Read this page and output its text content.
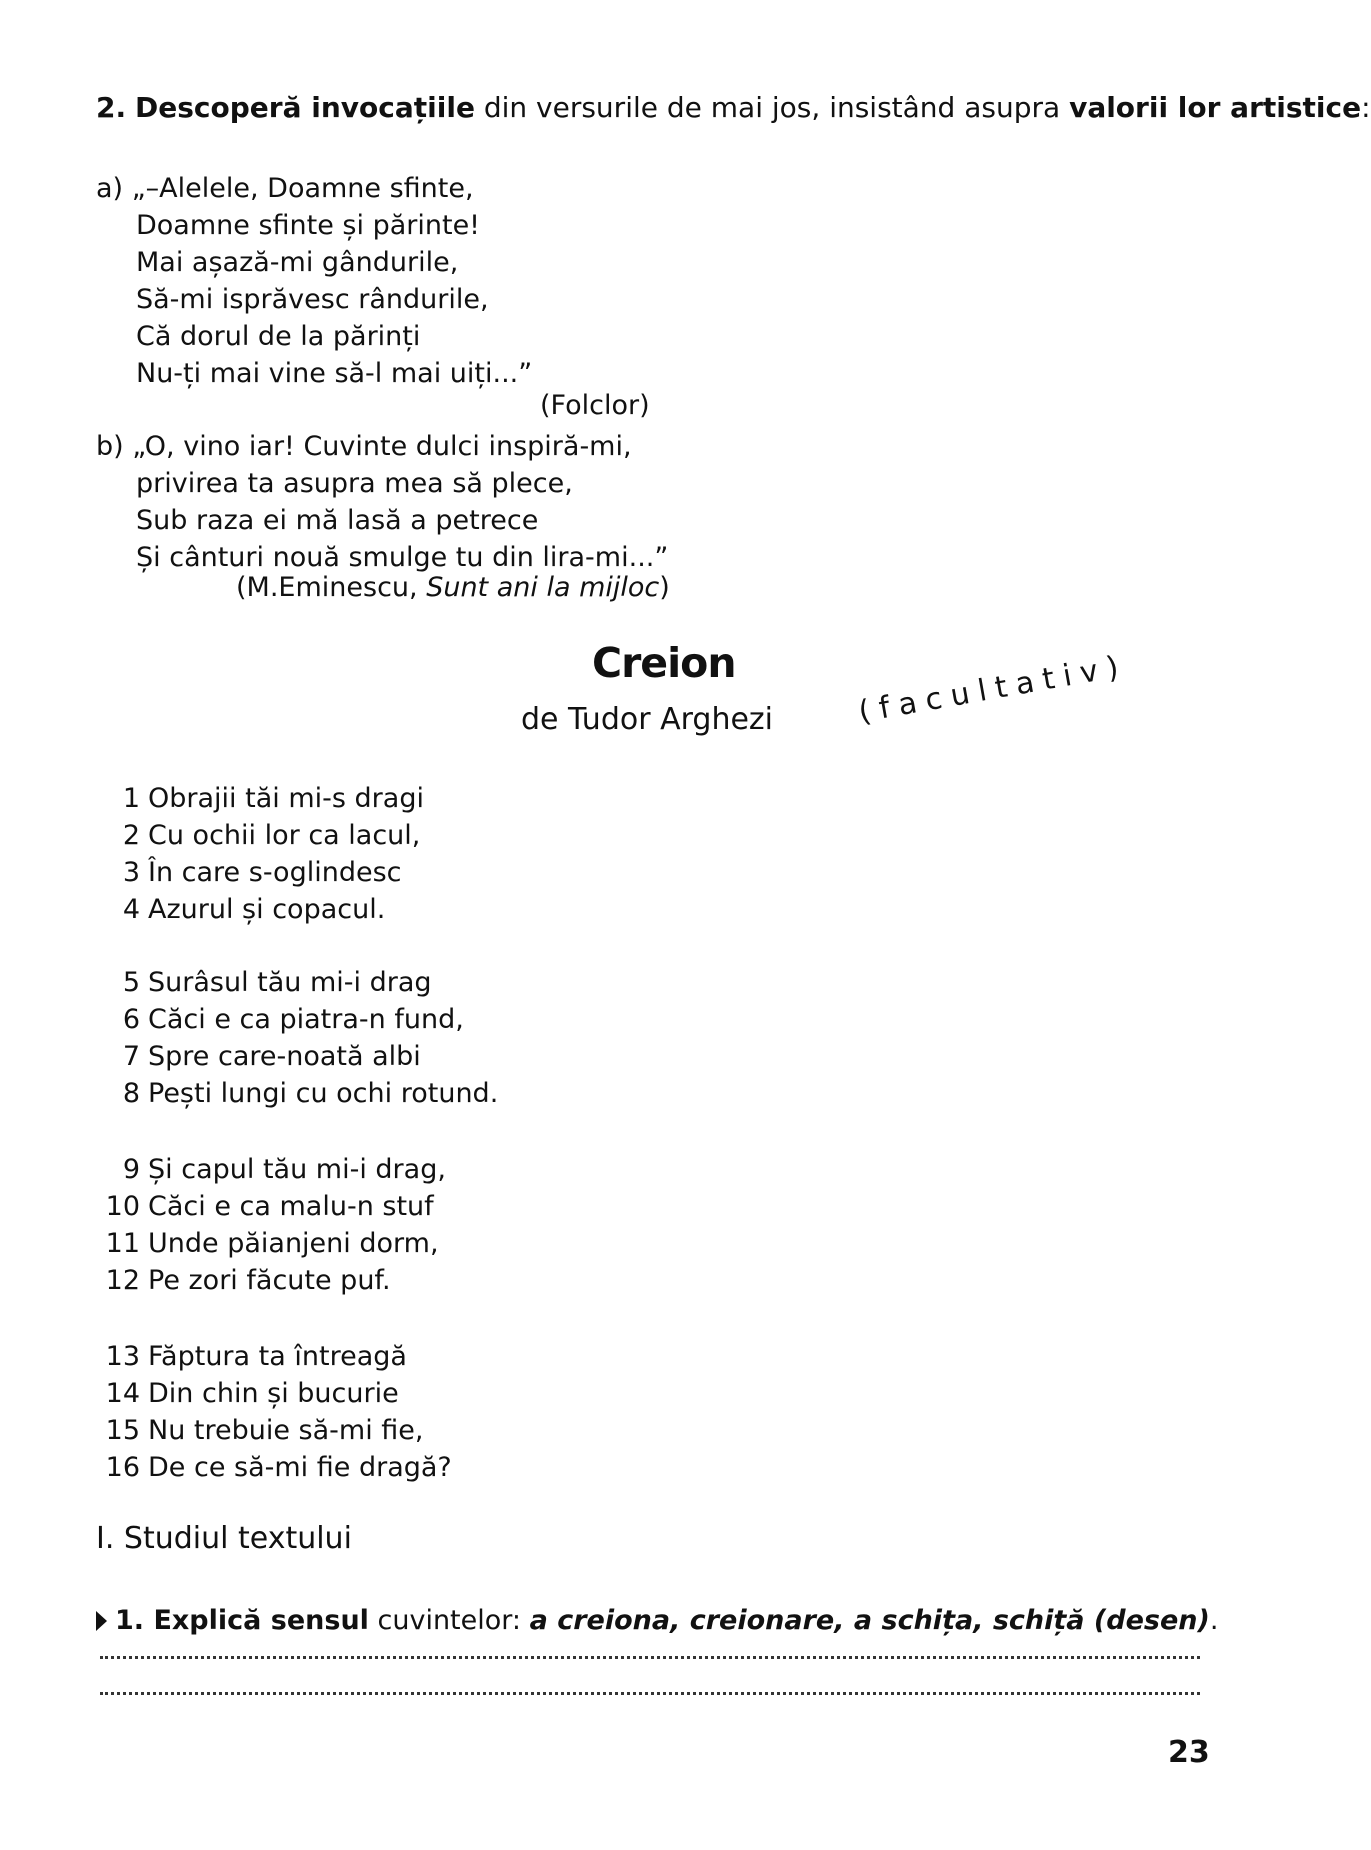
2. Descoperă invocațiile din versurile de mai jos, insistând asupra valorii lor artistice:
a) „–Alelele, Doamne sfinte,
Doamne sfinte și părinte!
Mai așază-mi gândurile,
Să-mi isprăvesc rândurile,
Că dorul de la părinți
Nu-ți mai vine să-l mai uiți...”
(Folclor)
b) „O, vino iar! Cuvinte dulci inspiră-mi,
privirea ta asupra mea să plece,
Sub raza ei mă lasă a petrece
Și cânturi nouă smulge tu din lira-mi...”
(M.Eminescu, Sunt ani la mijloc)
Creion
de Tudor Arghezi	(facultativ)
1 Obrajii tăi mi-s dragi
2 Cu ochii lor ca lacul,
3 În care s-oglindesc
4 Azurul și copacul.
5 Surâsul tău mi-i drag
6 Căci e ca piatra-n fund,
7 Spre care-noată albi
8 Pești lungi cu ochi rotund.
9 Și capul tău mi-i drag,
10 Căci e ca malu-n stuf
11 Unde păianjeni dorm,
12 Pe zori făcute puf.
13 Făptura ta întreagă
14 Din chin și bucurie
15 Nu trebuie să-mi fie,
16 De ce să-mi fie dragă?
I. Studiul textului
1. Explică sensul cuvintelor: a creiona, creionare, a schița, schiță (desen).
23
